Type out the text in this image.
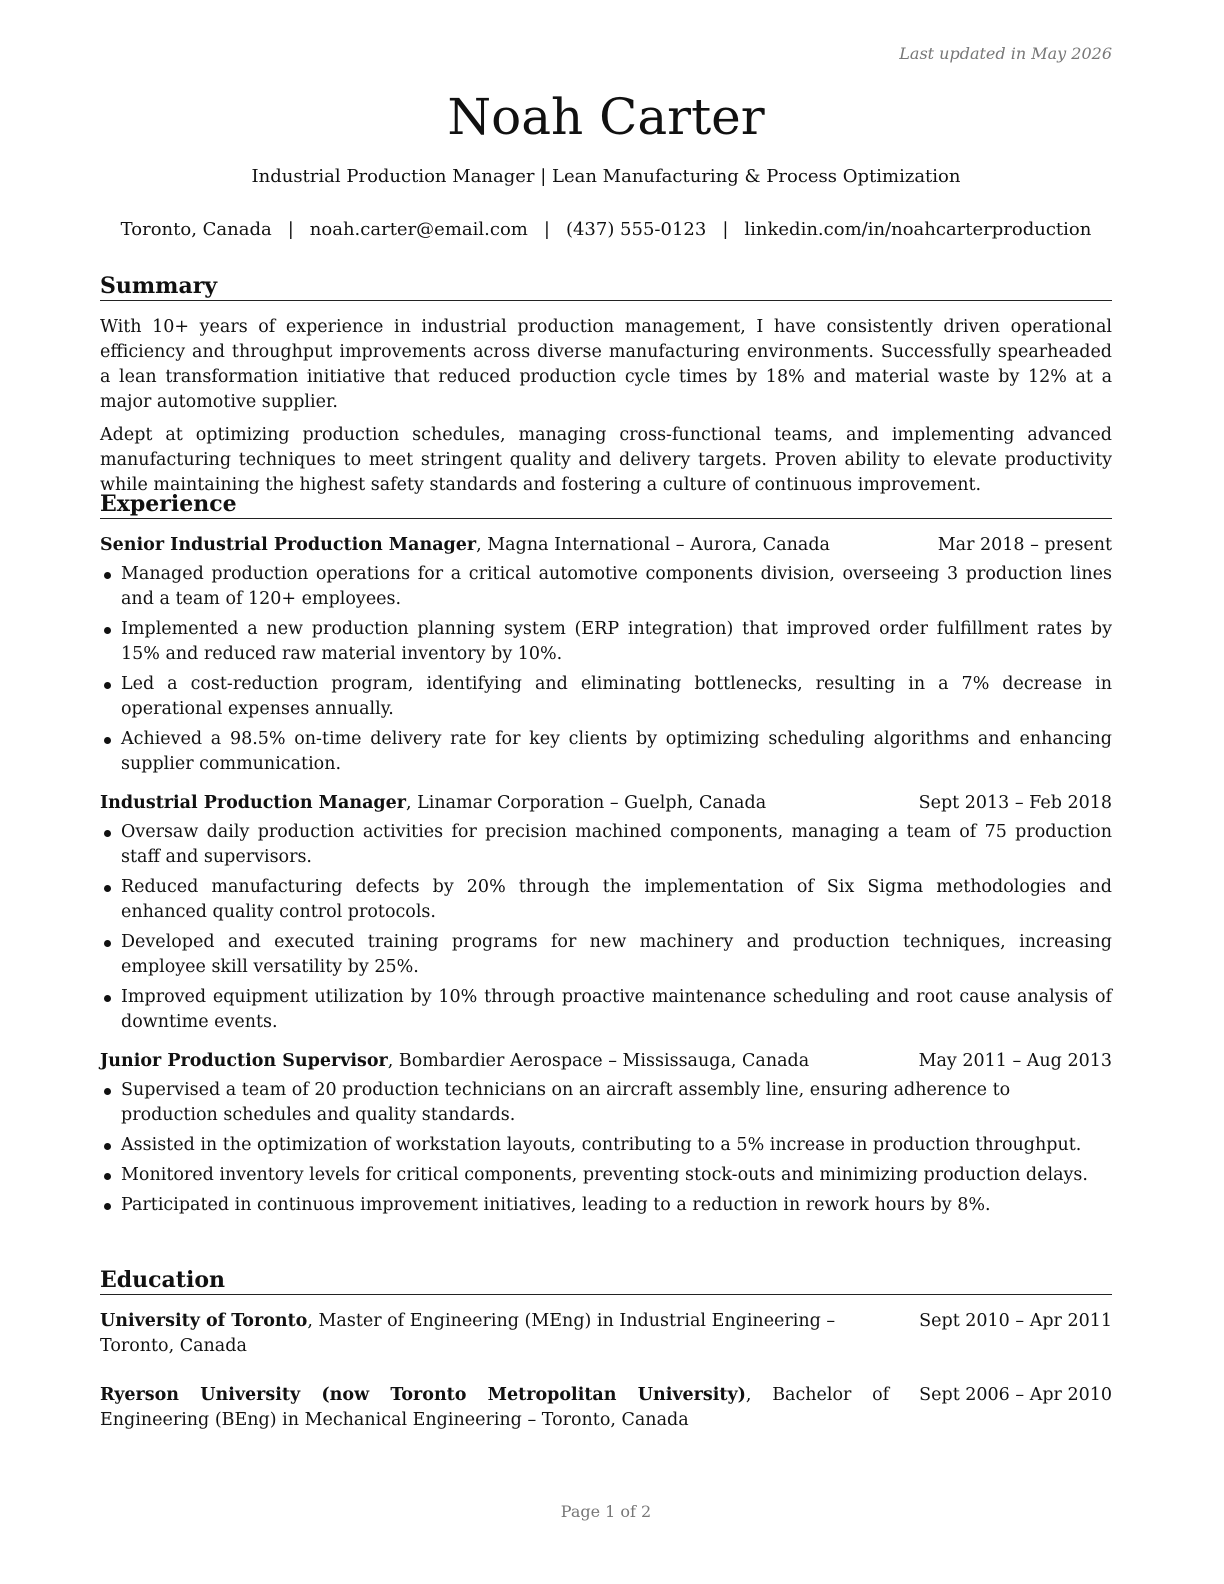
Last updated in May 2026
Noah Carter
Industrial Production Manager | Lean Manufacturing & Process Optimization
Toronto, Canada | noah.carter@email.com | (437) 555-0123 | linkedin.com/in/noahcarterproduction
Summary

With 10+ years of experience in industrial production management, I have consistently driven operational efficiency and throughput improvements across diverse manufacturing environments. Successfully spearheaded a lean transformation initiative that reduced production cycle times by 18% and material waste by 12% at a major automotive supplier.

Adept at optimizing production schedules, managing cross-functional teams, and implementing advanced manufacturing techniques to meet stringent quality and delivery targets. Proven ability to elevate productivity while maintaining the highest safety standards and fostering a culture of continuous improvement.

Experience
Senior Industrial Production Manager, Magna International – Aurora, Canada	Mar 2018 – present
Managed production operations for a critical automotive components division, overseeing 3 production lines and a team of 120+ employees.
Implemented a new production planning system (ERP integration) that improved order fulfillment rates by 15% and reduced raw material inventory by 10%.
Led a cost-reduction program, identifying and eliminating bottlenecks, resulting in a 7% decrease in operational expenses annually.
Achieved a 98.5% on-time delivery rate for key clients by optimizing scheduling algorithms and enhancing supplier communication.
Industrial Production Manager, Linamar Corporation – Guelph, Canada	Sept 2013 – Feb 2018
Oversaw daily production activities for precision machined components, managing a team of 75 production staff and supervisors.
Reduced manufacturing defects by 20% through the implementation of Six Sigma methodologies and enhanced quality control protocols.
Developed and executed training programs for new machinery and production techniques, increasing employee skill versatility by 25%.
Improved equipment utilization by 10% through proactive maintenance scheduling and root cause analysis of downtime events.
Junior Production Supervisor, Bombardier Aerospace – Mississauga, Canada	May 2011 – Aug 2013
Supervised a team of 20 production technicians on an aircraft assembly line, ensuring adherence to production schedules and quality standards.
Assisted in the optimization of workstation layouts, contributing to a 5% increase in production throughput.
Monitored inventory levels for critical components, preventing stock-outs and minimizing production delays.
Participated in continuous improvement initiatives, leading to a reduction in rework hours by 8%.
Education
University of Toronto, Master of Engineering (MEng) in Industrial Engineering – Toronto, Canada
Sept 2010 – Apr 2011
Ryerson University (now Toronto Metropolitan University), Bachelor of Engineering (BEng) in Mechanical Engineering – Toronto, Canada
Sept 2006 – Apr 2010
Page 1 of 2
